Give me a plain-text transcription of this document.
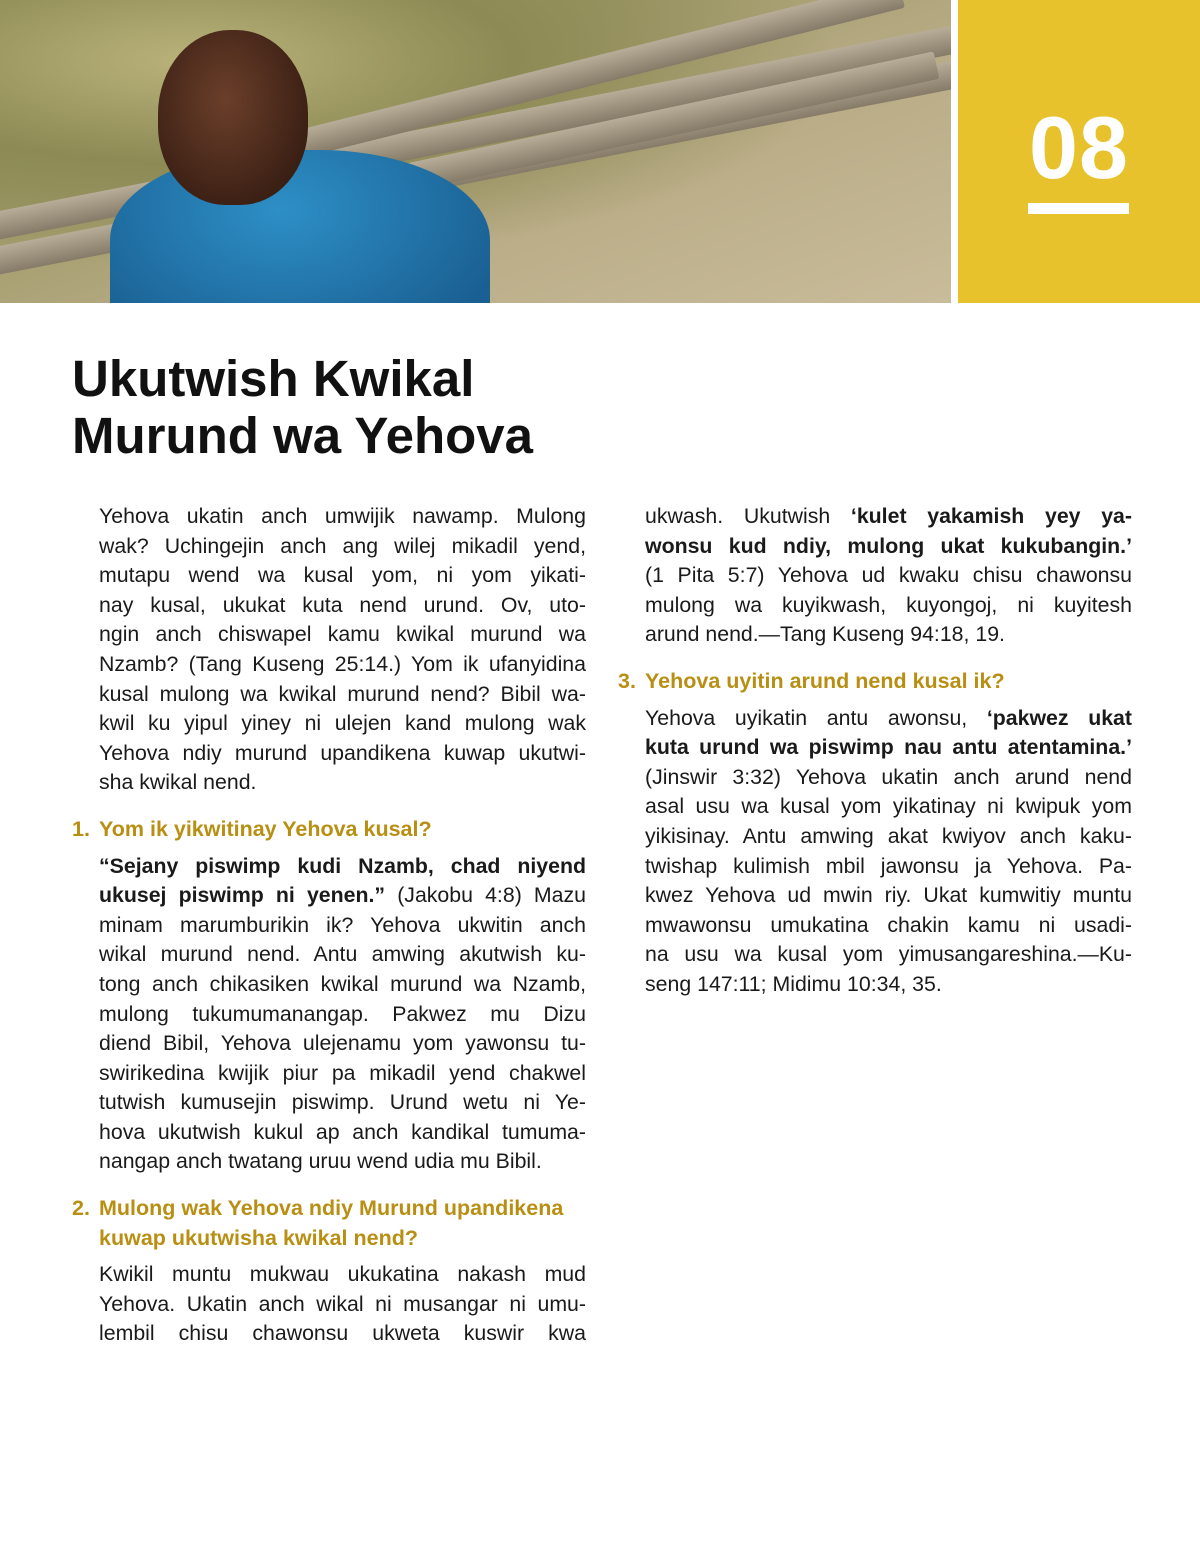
08
Ukutwish Kwikal
Murund wa Yehova
Yehova ukatin anch umwijik nawamp. Mulong
wak? Uchingejin anch ang wilej mikadil yend,
mutapu wend wa kusal yom, ni yom yikati-
nay kusal, ukukat kuta nend urund. Ov, uto-
ngin anch chiswapel kamu kwikal murund wa
Nzamb? (Tang Kuseng 25:14.) Yom ik ufanyidina
kusal mulong wa kwikal murund nend? Bibil wa-
kwil ku yipul yiney ni ulejen kand mulong wak
Yehova ndiy murund upandikena kuwap ukutwi-
sha kwikal nend.
1. Yom ik yikwitinay Yehova kusal?
“Sejany piswimp kudi Nzamb, chad niyend
ukusej piswimp ni yenen.” (Jakobu 4:8) Mazu
minam marumburikin ik? Yehova ukwitin anch
wikal murund nend. Antu amwing akutwish ku-
tong anch chikasiken kwikal murund wa Nzamb,
mulong tukumumanangap. Pakwez mu Dizu
diend Bibil, Yehova ulejenamu yom yawonsu tu-
swirikedina kwijik piur pa mikadil yend chakwel
tutwish kumusejin piswimp. Urund wetu ni Ye-
hova ukutwish kukul ap anch kandikal tumuma-
nangap anch twatang uruu wend udia mu Bibil.
2. Mulong wak Yehova ndiy Murund upandikena
kuwap ukutwisha kwikal nend?
Kwikil muntu mukwau ukukatina nakash mud
Yehova. Ukatin anch wikal ni musangar ni umu-
lembil chisu chawonsu ukweta kuswir kwa
ukwash. Ukutwish ‘kulet yakamish yey ya-
wonsu kud ndiy, mulong ukat kukubangin.’
(1 Pita 5:7) Yehova ud kwaku chisu chawonsu
mulong wa kuyikwash, kuyongoj, ni kuyitesh
arund nend.—Tang Kuseng 94:18, 19.
3. Yehova uyitin arund nend kusal ik?
Yehova uyikatin antu awonsu, ‘pakwez ukat
kuta urund wa piswimp nau antu atentamina.’
(Jinswir 3:32) Yehova ukatin anch arund nend
asal usu wa kusal yom yikatinay ni kwipuk yom
yikisinay. Antu amwing akat kwiyov anch kaku-
twishap kulimish mbil jawonsu ja Yehova. Pa-
kwez Yehova ud mwin riy. Ukat kumwitiy muntu
mwawonsu umukatina chakin kamu ni usadi-
na usu wa kusal yom yimusangareshina.—Ku-
seng 147:11; Midimu 10:34, 35.
